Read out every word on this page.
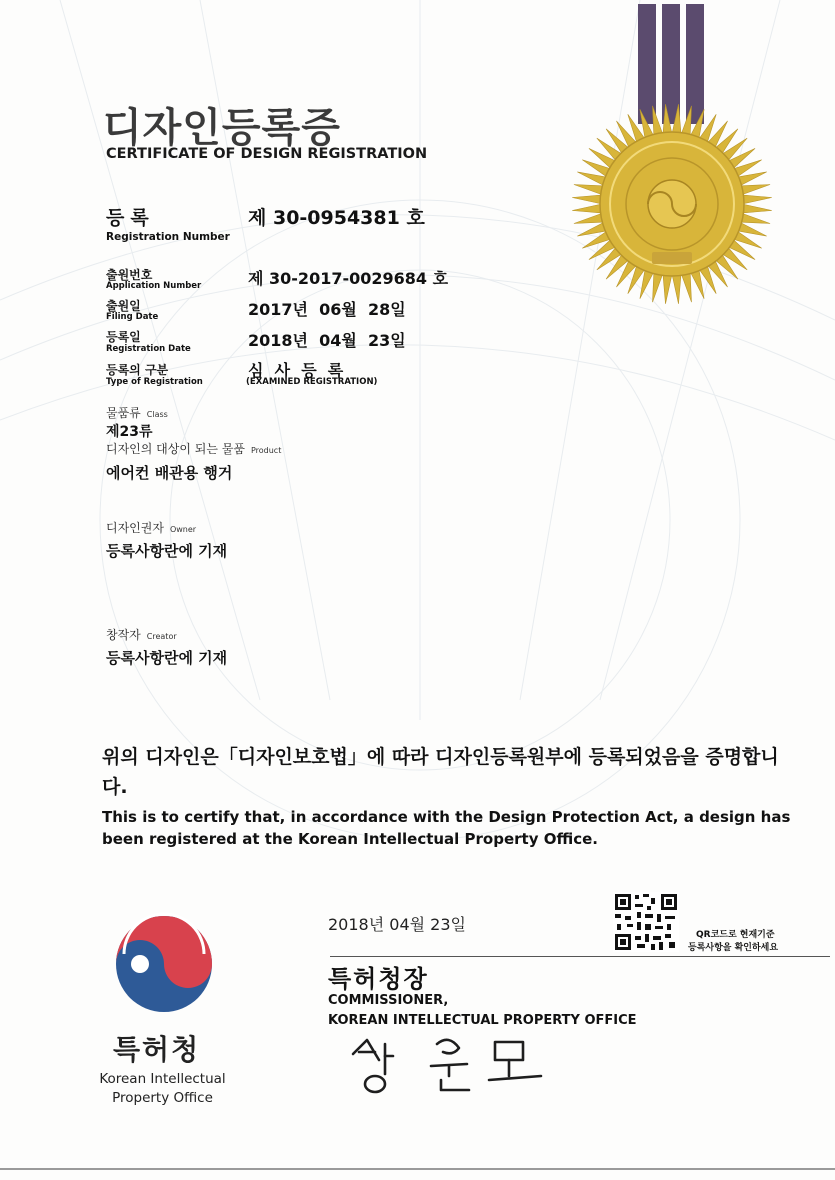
디자인등록증
CERTIFICATE OF DESIGN REGISTRATION
등록
Registration Number
제 30-0954381 호
출원번호
Application Number	제 30-2017-0029684 호
출원일
Filing Date	2017년  06월  28일
등록일
Registration Date	2018년  04월  23일
등록의 구분
Type of Registration
심  사  등  록
(EXAMINED REGISTRATION)
물품류 Class
제23류
디자인의 대상이 되는 물품 Product
에어컨 배관용 행거
디자인권자 Owner
등록사항란에 기재
창작자 Creator
등록사항란에 기재
위의 디자인은「디자인보호법」에 따라 디자인등록원부에 등록되었음을 증명합니다.
This is to certify that, in accordance with the Design Protection Act, a design has been registered at the Korean Intellectual Property Office.
2018년 04월 23일
QR코드로 현재기준
등록사항을 확인하세요
특허청장
COMMISSIONER,
KOREAN INTELLECTUAL PROPERTY OFFICE
특허청
Korean Intellectual
Property Office
